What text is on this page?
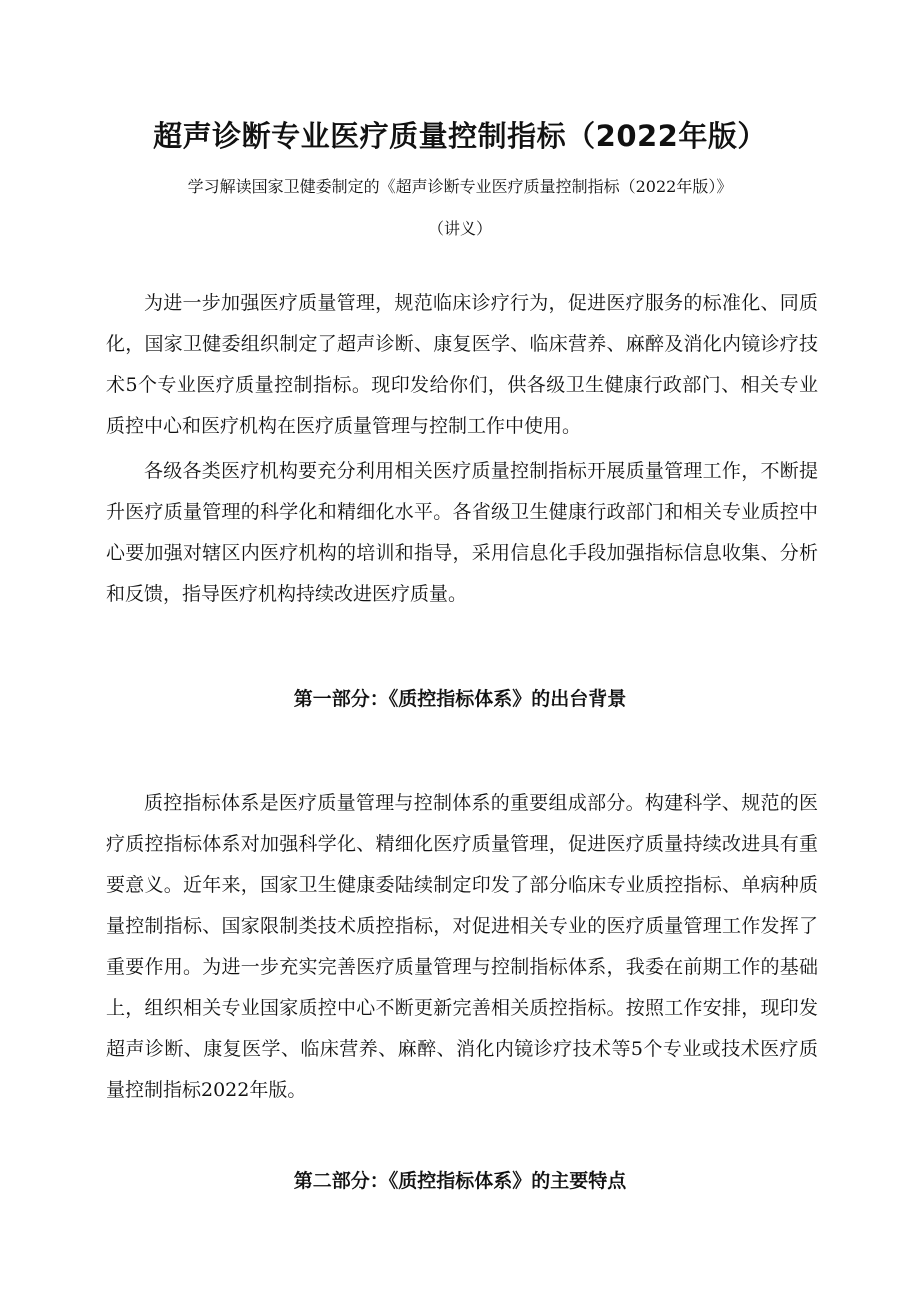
超声诊断专业医疗质量控制指标（2022年版）
学习解读国家卫健委制定的《超声诊断专业医疗质量控制指标（2022年版）》
（讲义）

为进一步加强医疗质量管理，规范临床诊疗行为，促进医疗服务的标准化、同质化，国家卫健委组织制定了超声诊断、康复医学、临床营养、麻醉及消化内镜诊疗技术5个专业医疗质量控制指标。现印发给你们，供各级卫生健康行政部门、相关专业质控中心和医疗机构在医疗质量管理与控制工作中使用。

各级各类医疗机构要充分利用相关医疗质量控制指标开展质量管理工作，不断提升医疗质量管理的科学化和精细化水平。各省级卫生健康行政部门和相关专业质控中心要加强对辖区内医疗机构的培训和指导，采用信息化手段加强指标信息收集、分析和反馈，指导医疗机构持续改进医疗质量。

第一部分：《质控指标体系》的出台背景

质控指标体系是医疗质量管理与控制体系的重要组成部分。构建科学、规范的医疗质控指标体系对加强科学化、精细化医疗质量管理，促进医疗质量持续改进具有重要意义。近年来，国家卫生健康委陆续制定印发了部分临床专业质控指标、单病种质量控制指标、国家限制类技术质控指标，对促进相关专业的医疗质量管理工作发挥了重要作用。为进一步充实完善医疗质量管理与控制指标体系，我委在前期工作的基础上，组织相关专业国家质控中心不断更新完善相关质控指标。按照工作安排，现印发超声诊断、康复医学、临床营养、麻醉、消化内镜诊疗技术等5个专业或技术医疗质量控制指标2022年版。

第二部分：《质控指标体系》的主要特点
